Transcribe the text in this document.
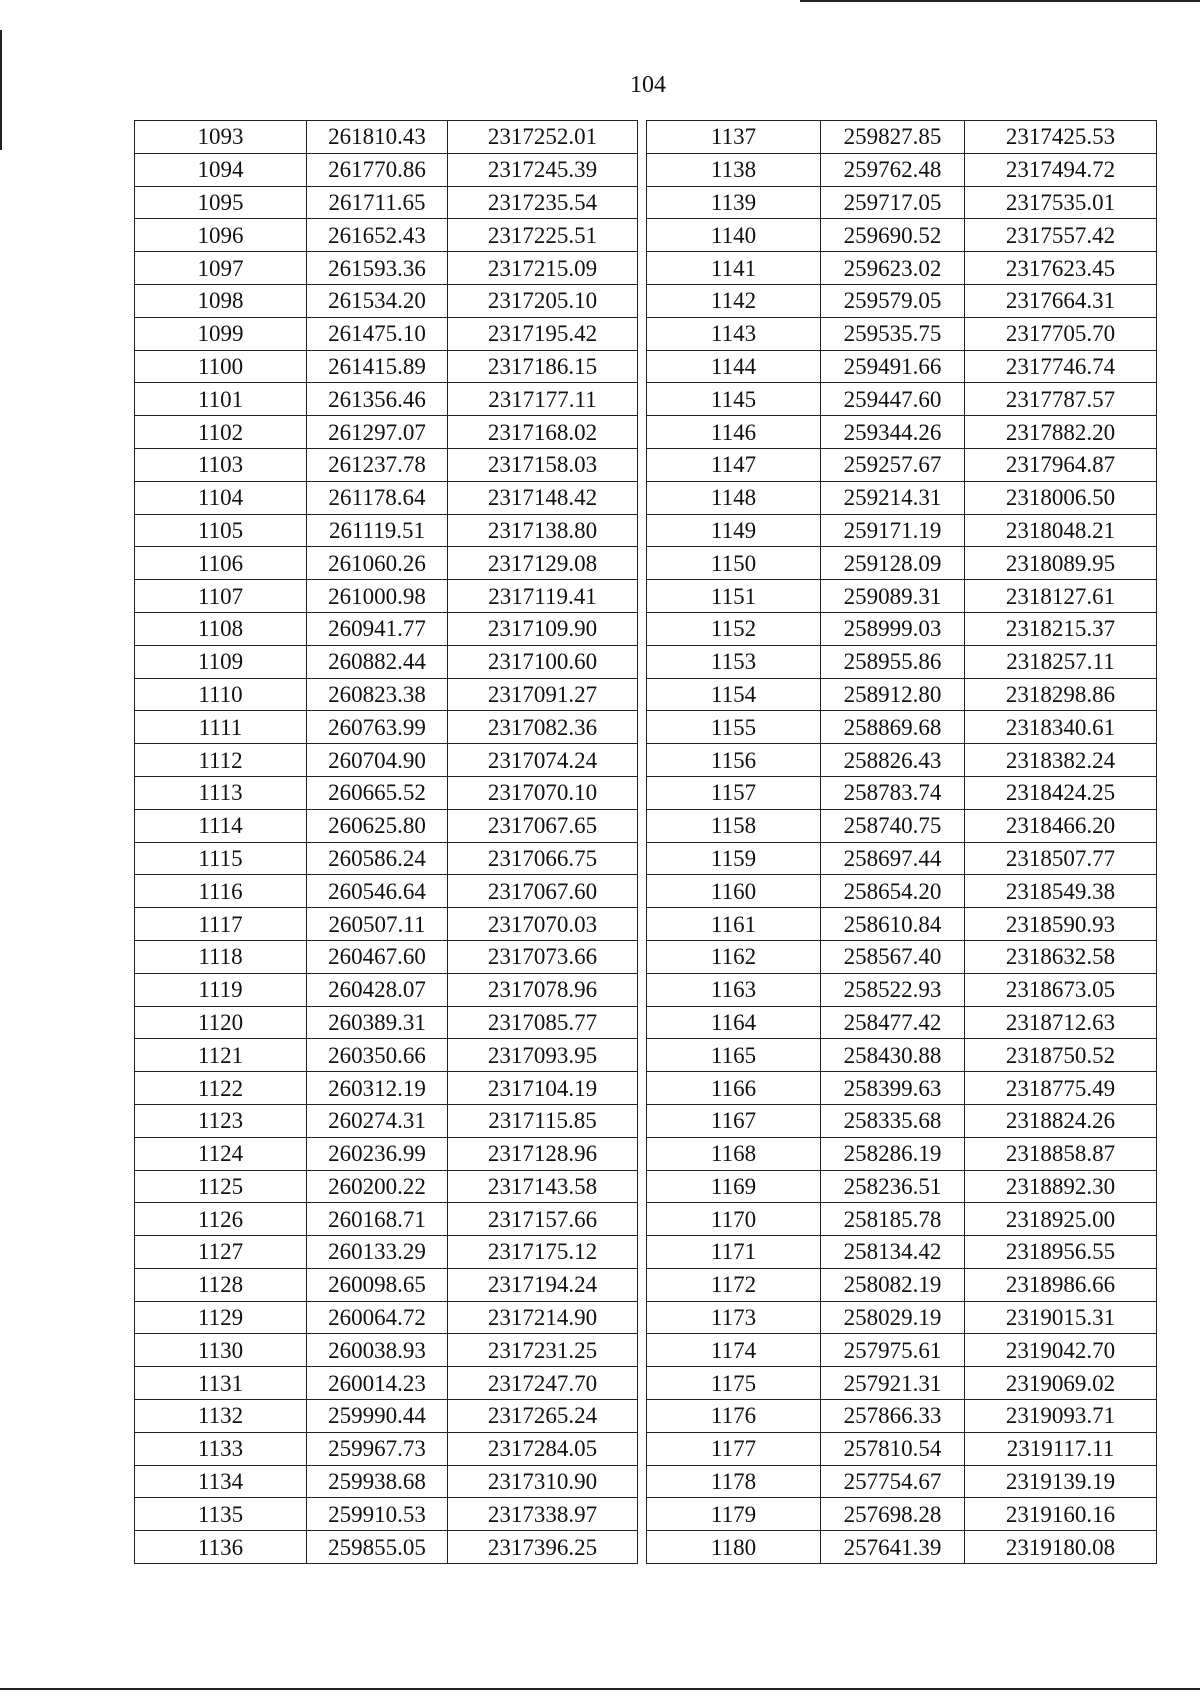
104
1093	261810.43	2317252.01
1094	261770.86	2317245.39
1095	261711.65	2317235.54
1096	261652.43	2317225.51
1097	261593.36	2317215.09
1098	261534.20	2317205.10
1099	261475.10	2317195.42
1100	261415.89	2317186.15
1101	261356.46	2317177.11
1102	261297.07	2317168.02
1103	261237.78	2317158.03
1104	261178.64	2317148.42
1105	261119.51	2317138.80
1106	261060.26	2317129.08
1107	261000.98	2317119.41
1108	260941.77	2317109.90
1109	260882.44	2317100.60
1110	260823.38	2317091.27
1111	260763.99	2317082.36
1112	260704.90	2317074.24
1113	260665.52	2317070.10
1114	260625.80	2317067.65
1115	260586.24	2317066.75
1116	260546.64	2317067.60
1117	260507.11	2317070.03
1118	260467.60	2317073.66
1119	260428.07	2317078.96
1120	260389.31	2317085.77
1121	260350.66	2317093.95
1122	260312.19	2317104.19
1123	260274.31	2317115.85
1124	260236.99	2317128.96
1125	260200.22	2317143.58
1126	260168.71	2317157.66
1127	260133.29	2317175.12
1128	260098.65	2317194.24
1129	260064.72	2317214.90
1130	260038.93	2317231.25
1131	260014.23	2317247.70
1132	259990.44	2317265.24
1133	259967.73	2317284.05
1134	259938.68	2317310.90
1135	259910.53	2317338.97
1136	259855.05	2317396.25
1137	259827.85	2317425.53
1138	259762.48	2317494.72
1139	259717.05	2317535.01
1140	259690.52	2317557.42
1141	259623.02	2317623.45
1142	259579.05	2317664.31
1143	259535.75	2317705.70
1144	259491.66	2317746.74
1145	259447.60	2317787.57
1146	259344.26	2317882.20
1147	259257.67	2317964.87
1148	259214.31	2318006.50
1149	259171.19	2318048.21
1150	259128.09	2318089.95
1151	259089.31	2318127.61
1152	258999.03	2318215.37
1153	258955.86	2318257.11
1154	258912.80	2318298.86
1155	258869.68	2318340.61
1156	258826.43	2318382.24
1157	258783.74	2318424.25
1158	258740.75	2318466.20
1159	258697.44	2318507.77
1160	258654.20	2318549.38
1161	258610.84	2318590.93
1162	258567.40	2318632.58
1163	258522.93	2318673.05
1164	258477.42	2318712.63
1165	258430.88	2318750.52
1166	258399.63	2318775.49
1167	258335.68	2318824.26
1168	258286.19	2318858.87
1169	258236.51	2318892.30
1170	258185.78	2318925.00
1171	258134.42	2318956.55
1172	258082.19	2318986.66
1173	258029.19	2319015.31
1174	257975.61	2319042.70
1175	257921.31	2319069.02
1176	257866.33	2319093.71
1177	257810.54	2319117.11
1178	257754.67	2319139.19
1179	257698.28	2319160.16
1180	257641.39	2319180.08
